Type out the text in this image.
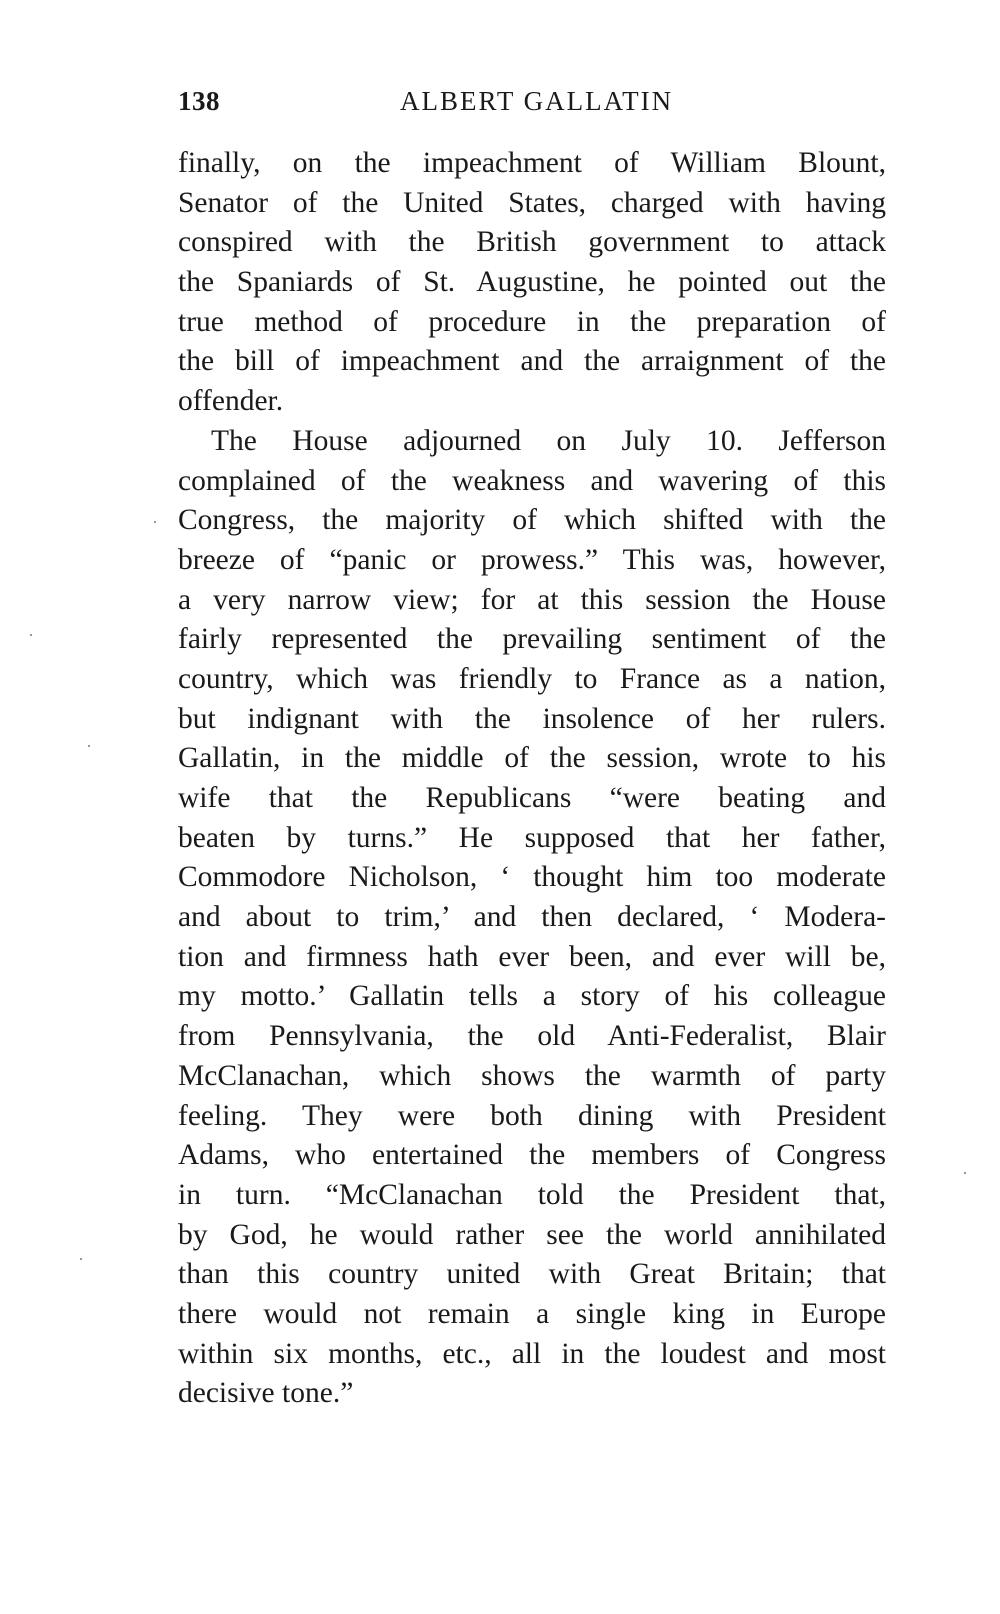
138	ALBERT GALLATIN
finally, on the impeachment of William Blount,
Senator of the United States, charged with having
conspired with the British government to attack
the Spaniards of St. Augustine, he pointed out the
true method of procedure in the preparation of
the bill of impeachment and the arraignment of the
offender.
The House adjourned on July 10. Jefferson
complained of the weakness and wavering of this
Congress, the majority of which shifted with the
breeze of “panic or prowess.” This was, however,
a very narrow view; for at this session the House
fairly represented the prevailing sentiment of the
country, which was friendly to France as a nation,
but indignant with the insolence of her rulers.
Gallatin, in the middle of the session, wrote to his
wife that the Republicans “were beating and
beaten by turns.” He supposed that her father,
Commodore Nicholson, ‘ thought him too moderate
and about to trim,’ and then declared, ‘ Modera-
tion and firmness hath ever been, and ever will be,
my motto.’ Gallatin tells a story of his colleague
from Pennsylvania, the old Anti-Federalist, Blair
McClanachan, which shows the warmth of party
feeling. They were both dining with President
Adams, who entertained the members of Congress
in turn. “McClanachan told the President that,
by God, he would rather see the world annihilated
than this country united with Great Britain; that
there would not remain a single king in Europe
within six months, etc., all in the loudest and most
decisive tone.”
